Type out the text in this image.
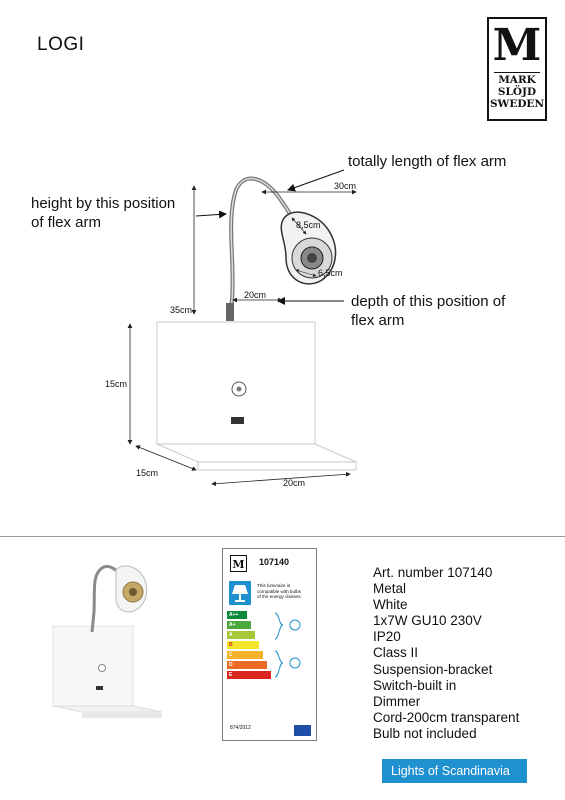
LOGI	M
MARK
SLÖJD
SWEDEN
totally length of flex arm
height by this position
of flex arm
depth of this position of
flex arm
30cm
8,5cm
6,5cm
35cm
20cm
15cm
15cm
20cm
M 107140
This luminaire is
compatible with bulbs
of the energy classes:
A++
A+
A
B
C
D
E
874/2012
Art. number 107140
Metal
White
1x7W GU10 230V
IP20
Class II
Suspension-bracket
Switch-built in
Dimmer
Cord-200cm transparent
Bulb not included
Lights of Scandinavia
